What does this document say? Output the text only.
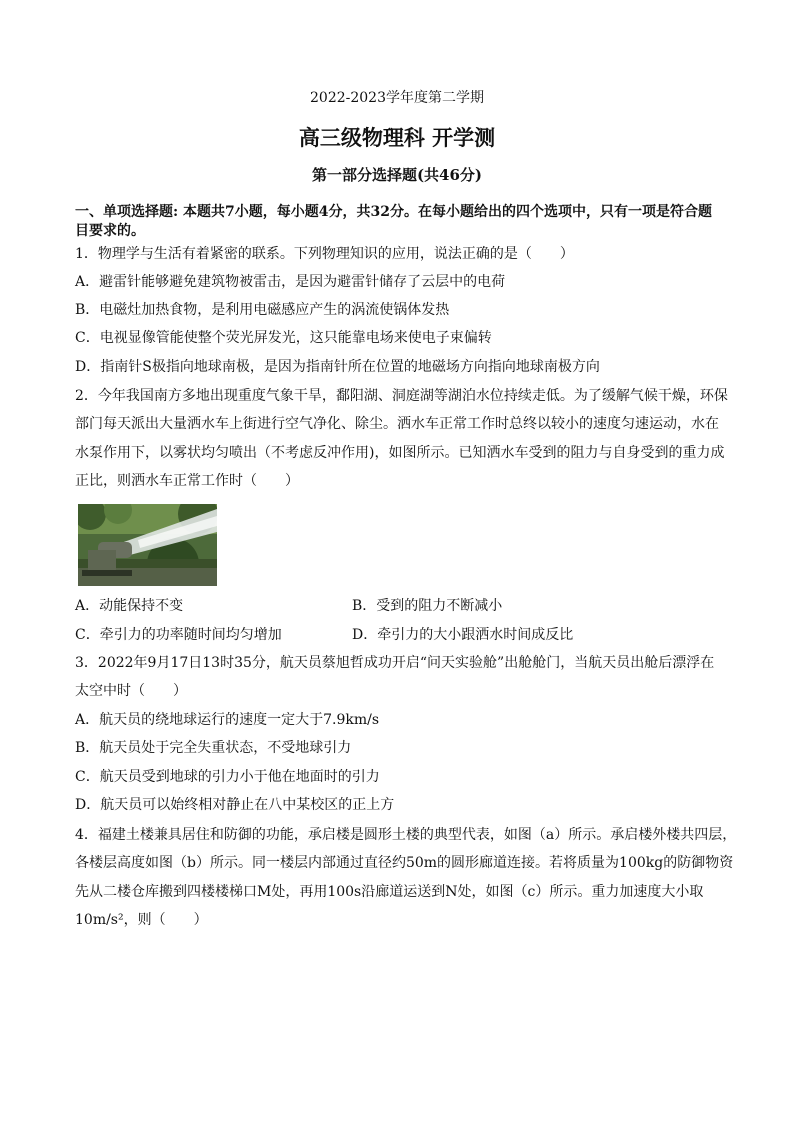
2022-2023学年度第二学期
高三级物理科 开学测
第一部分选择题(共46分)
一、单项选择题: 本题共7小题，每小题4分，共32分。在每小题给出的四个选项中，只有一项是符合题
目要求的。
1．物理学与生活有着紧密的联系。下列物理知识的应用，说法正确的是（　　）
A．避雷针能够避免建筑物被雷击，是因为避雷针储存了云层中的电荷
B．电磁灶加热食物，是利用电磁感应产生的涡流使锅体发热
C．电视显像管能使整个荧光屏发光，这只能靠电场来使电子束偏转
D．指南针S极指向地球南极，是因为指南针所在位置的地磁场方向指向地球南极方向
2．今年我国南方多地出现重度气象干旱，鄱阳湖、洞庭湖等湖泊水位持续走低。为了缓解气候干燥，环保
部门每天派出大量洒水车上街进行空气净化、除尘。洒水车正常工作时总终以较小的速度匀速运动，水在
水泵作用下，以雾状均匀喷出（不考虑反冲作用)，如图所示。已知洒水车受到的阻力与自身受到的重力成
正比，则洒水车正常工作时（　　）
A．动能保持不变	B．受到的阻力不断减小
C．牵引力的功率随时间均匀增加	D．牵引力的大小跟洒水时间成反比
3．2022年9月17日13时35分，航天员蔡旭哲成功开启“问天实验舱”出舱舱门，当航天员出舱后漂浮在
太空中时（　　）
A．航天员的绕地球运行的速度一定大于7.9km/s
B．航天员处于完全失重状态，不受地球引力
C．航天员受到地球的引力小于他在地面时的引力
D．航天员可以始终相对静止在八中某校区的正上方
4．福建土楼兼具居住和防御的功能，承启楼是圆形土楼的典型代表，如图（a）所示。承启楼外楼共四层，
各楼层高度如图（b）所示。同一楼层内部通过直径约50m的圆形廊道连接。若将质量为100kg的防御物资
先从二楼仓库搬到四楼楼梯口M处，再用100s沿廊道运送到N处，如图（c）所示。重力加速度大小取
10m/s²，则（　　）
